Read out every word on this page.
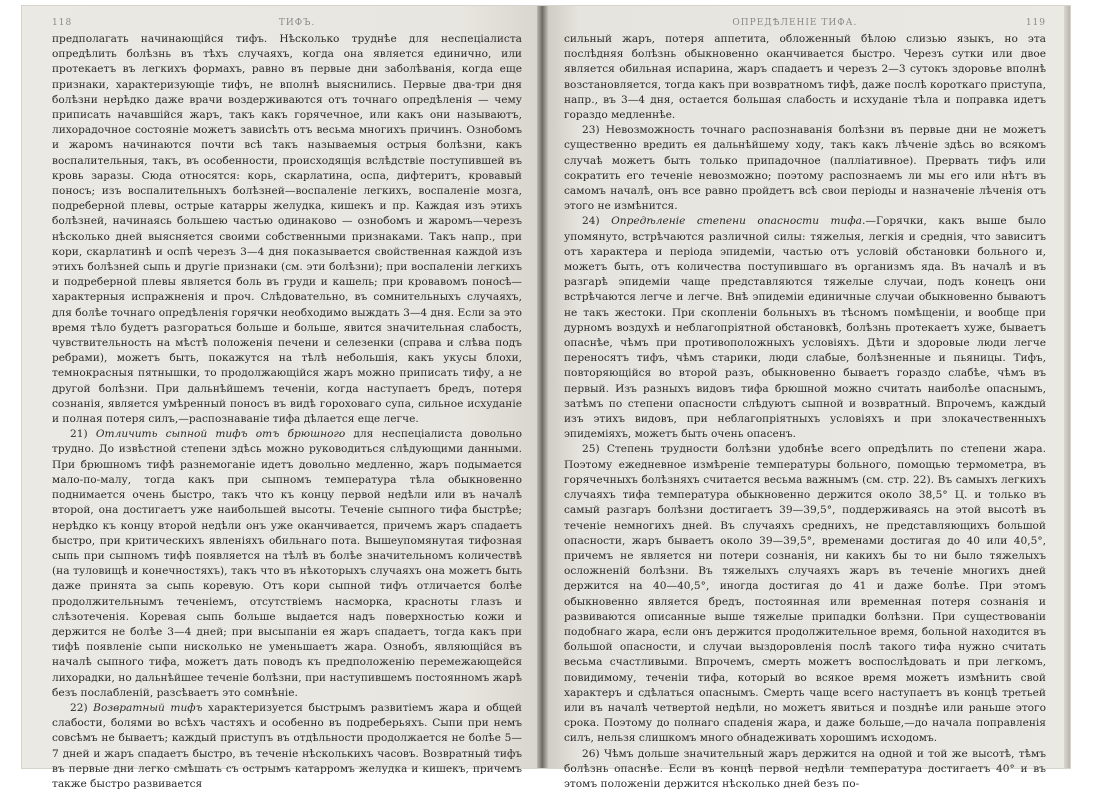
118	ТИФЪ.

предполагать начинающійся тифъ. Нѣсколько труднѣе для неспеціалиста опредѣлить болѣзнь въ тѣхъ случаяхъ, когда она является единично, или протекаетъ въ легкихъ формахъ, равно въ первые дни заболѣванія, когда еще признаки, характеризующіе тифъ, не вполнѣ выяснились. Первые два-три дня болѣзни нерѣдко даже врачи воздерживаются отъ точнаго опредѣленія — чему приписать начавшійся жаръ, такъ какъ горячечное, или какъ они называютъ, лихорадочное состояніе можетъ зависѣть отъ весьма многихъ причинъ. Ознобомъ и жаромъ начинаются почти всѣ такъ называемыя острыя болѣзни, какъ воспалительныя, такъ, въ особенности, происходящія вслѣдствіе поступившей въ кровь заразы. Сюда относятся: корь, скарлатина, оспа, дифтеритъ, кровавый поносъ; изъ воспалительныхъ болѣзней—воспаленіе легкихъ, воспаленіе мозга, подреберной плевы, острые катарры желудка, кишекъ и пр. Каждая изъ этихъ болѣзней, начинаясь большею частью одинаково — ознобомъ и жаромъ—черезъ нѣсколько дней выясняется своими собственными признаками. Такъ напр., при кори, скарлатинѣ и оспѣ черезъ 3—4 дня показывается свойственная каждой изъ этихъ болѣзней сыпь и другіе признаки (см. эти болѣзни); при воспаленіи легкихъ и подреберной плевы является боль въ груди и кашель; при кровавомъ поносѣ—характерныя испражненія и проч. Слѣдовательно, въ сомнительныхъ случаяхъ, для болѣе точнаго опредѣленія горячки необходимо выждать 3—4 дня. Если за это время тѣло будетъ разгораться больше и больше, явится значительная слабость, чувствительность на мѣстѣ положенія печени и селезенки (справа и слѣва подъ ребрами), можетъ быть, покажутся на тѣлѣ небольшія, какъ укусы блохи, темнокрасныя пятнышки, то продолжающійся жаръ можно приписать тифу, а не другой болѣзни. При дальнѣйшемъ теченіи, когда наступаетъ бредъ, потеря сознанія, является умѣренный поносъ въ видѣ гороховаго супа, сильное исхуданіе и полная потеря силъ,—распознаваніе тифа дѣлается еще легче.

21) Отличить сыпной тифъ отъ брюшного для неспеціалиста довольно трудно. До извѣстной степени здѣсь можно руководиться слѣдующими данными. При брюшномъ тифѣ разнемоганіе идетъ довольно медленно, жаръ подымается мало-по-малу, тогда какъ при сыпномъ температура тѣла обыкновенно поднимается очень быстро, такъ что къ концу первой недѣли или въ началѣ второй, она достигаетъ уже наибольшей высоты. Теченіе сыпного тифа быстрѣе; нерѣдко къ концу второй недѣли онъ уже оканчивается, причемъ жаръ спадаетъ быстро, при критическихъ явленіяхъ обильнаго пота. Вышеупомянутая тифозная сыпь при сыпномъ тифѣ появляется на тѣлѣ въ болѣе значительномъ количествѣ (на туловищѣ и конечностяхъ), такъ что въ нѣкоторыхъ случаяхъ она можетъ быть даже принята за сыпь коревую. Отъ кори сыпной тифъ отличается болѣе продолжительнымъ теченіемъ, отсутствіемъ насморка, красноты глазъ и слѣзотеченія. Коревая сыпь больше выдается надъ поверхностью кожи и держится не болѣе 3—4 дней; при высыпаніи ея жаръ спадаетъ, тогда какъ при тифѣ появленіе сыпи нисколько не уменьшаетъ жара. Ознобъ, являющійся въ началѣ сыпного тифа, можетъ дать поводъ къ предположенію перемежающейся лихорадки, но дальнѣйшее теченіе болѣзни, при наступившемъ постоянномъ жарѣ безъ послабленій, разсѣваетъ это сомнѣніе.

22) Возвратный тифъ характеризуется быстрымъ развитіемъ жара и общей слабости, болями во всѣхъ частяхъ и особенно въ подреберьяхъ. Сыпи при немъ совсѣмъ не бываетъ; каждый приступъ въ отдѣльности продолжается не болѣе 5—7 дней и жаръ спадаетъ быстро, въ теченіе нѣсколькихъ часовъ. Возвратный тифъ въ первые дни легко смѣшать съ острымъ катарромъ желудка и кишекъ, причемъ также быстро развивается

ОПРЕДѢЛЕНІЕ ТИФА.	119

сильный жаръ, потеря аппетита, обложенный бѣлою слизью языкъ, но эта послѣдняя болѣзнь обыкновенно оканчивается быстро. Черезъ сутки или двое является обильная испарина, жаръ спадаетъ и черезъ 2—3 сутокъ здоровье вполнѣ возстановляется, тогда какъ при возвратномъ тифѣ, даже послѣ короткаго приступа, напр., въ 3—4 дня, остается большая слабость и исхуданіе тѣла и поправка идетъ гораздо медленнѣе.

23) Невозможность точнаго распознаванія болѣзни въ первые дни не можетъ существенно вредить ея дальнѣйшему ходу, такъ какъ лѣченіе здѣсь во всякомъ случаѣ можетъ быть только припадочное (паллiативное). Прервать тифъ или сократить его теченіе невозможно; поэтому распознаемъ ли мы его или нѣтъ въ самомъ началѣ, онъ все равно пройдетъ всѣ свои періоды и назначеніе лѣченія отъ этого не измѣнится.

24) Опредѣленіе степени опасности тифа.—Горячки, какъ выше было упомянуто, встрѣчаются различной силы: тяжелыя, легкія и среднія, что зависитъ отъ характера и періода эпидеміи, частью отъ условій обстановки больного и, можетъ быть, отъ количества поступившаго въ организмъ яда. Въ началѣ и въ разгарѣ эпидеміи чаще представляются тяжелые случаи, подъ конецъ они встрѣчаются легче и легче. Внѣ эпидеміи единичные случаи обыкновенно бываютъ не такъ жестоки. При скопленіи больныхъ въ тѣсномъ помѣщеніи, и вообще при дурномъ воздухѣ и неблагопріятной обстановкѣ, болѣзнь протекаетъ хуже, бываетъ опаснѣе, чѣмъ при противоположныхъ условіяхъ. Дѣти и здоровые люди легче переносятъ тифъ, чѣмъ старики, люди слабые, болѣзненные и пьяницы. Тифъ, повторяющійся во второй разъ, обыкновенно бываетъ гораздо слабѣе, чѣмъ въ первый. Изъ разныхъ видовъ тифа брюшной можно считать наиболѣе опаснымъ, затѣмъ по степени опасности слѣдуютъ сыпной и возвратный. Впрочемъ, каждый изъ этихъ видовъ, при неблагопріятныхъ условіяхъ и при злокачественныхъ эпидеміяхъ, можетъ быть очень опасенъ.

25) Степень трудности болѣзни удобнѣе всего опредѣлить по степени жара. Поэтому ежедневное измѣреніе температуры больного, помощью термометра, въ горячечныхъ болѣзняхъ считается весьма важнымъ (см. стр. 22). Въ самыхъ легкихъ случаяхъ тифа температура обыкновенно держится около 38,5° Ц. и только въ самый разгаръ болѣзни достигаетъ 39—39,5°, поддерживаясь на этой высотѣ въ теченіе немногихъ дней. Въ случаяхъ среднихъ, не представляющихъ большой опасности, жаръ бываетъ около 39—39,5°, временами достигая до 40 или 40,5°, причемъ не является ни потери сознанія, ни какихъ бы то ни было тяжелыхъ осложненій болѣзни. Въ тяжелыхъ случаяхъ жаръ въ теченіе многихъ дней держится на 40—40,5°, иногда достигая до 41 и даже болѣе. При этомъ обыкновенно является бредъ, постоянная или временная потеря сознанія и развиваются описанные выше тяжелые припадки болѣзни. При существованіи подобнаго жара, если онъ держится продолжительное время, больной находится въ большой опасности, и случаи выздоровленія послѣ такого тифа нужно считать весьма счастливыми. Впрочемъ, смерть можетъ воспослѣдовать и при легкомъ, повидимому, теченіи тифа, который во всякое время можетъ измѣнить свой характеръ и сдѣлаться опаснымъ. Смерть чаще всего наступаетъ въ концѣ третьей или въ началѣ четвертой недѣли, но можетъ явиться и позднѣе или раньше этого срока. Поэтому до полнаго спаденія жара, и даже больше,—до начала поправленія силъ, нельзя слишкомъ много обнадеживать хорошимъ исходомъ.

26) Чѣмъ дольше значительный жаръ держится на одной и той же высотѣ, тѣмъ болѣзнь опаснѣе. Если въ концѣ первой недѣли температура достигаетъ 40° и въ этомъ положеніи держится нѣсколько дней безъ по-
